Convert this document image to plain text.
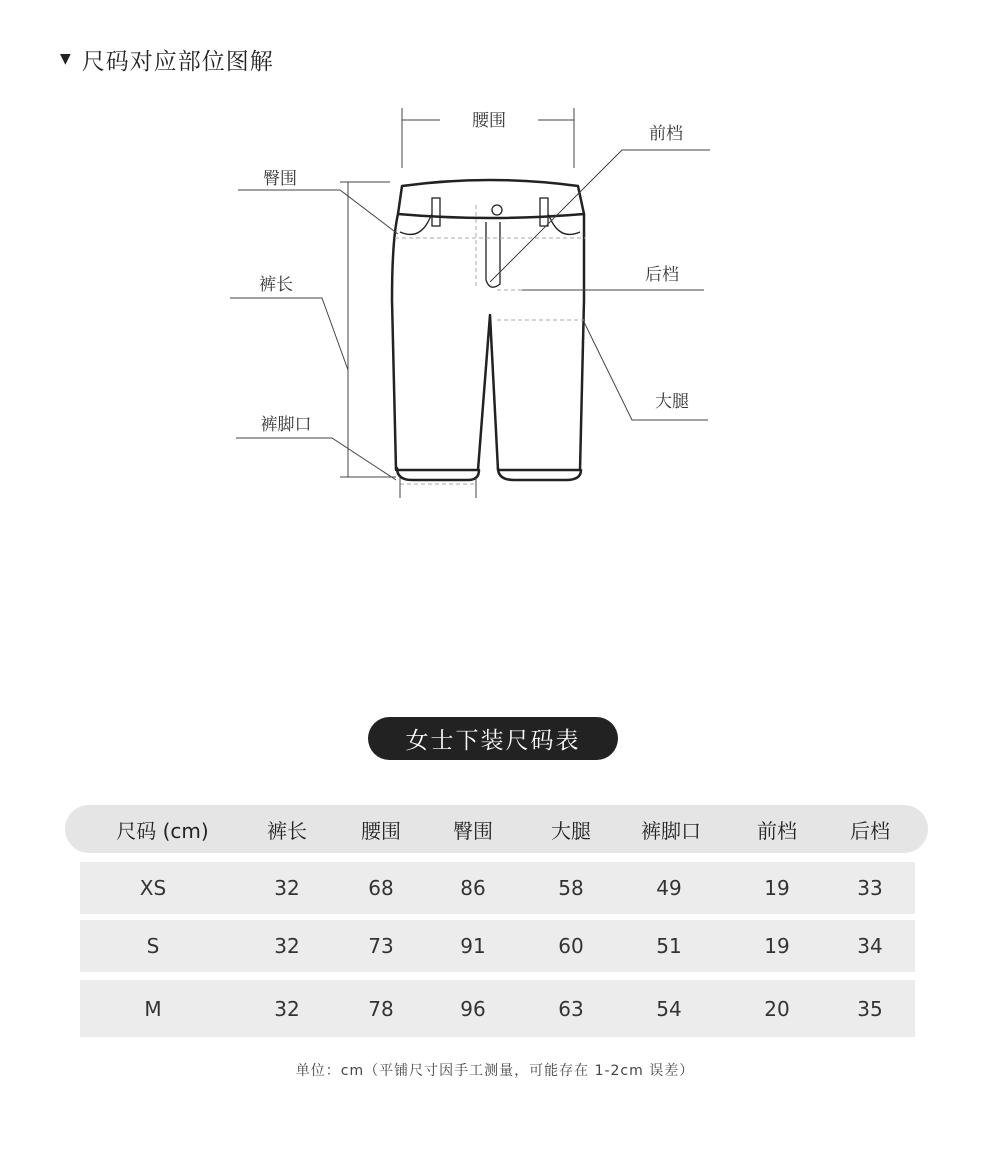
▼ 尺码对应部位图解
腰围
臀围
裤长
裤脚口
前档
后档
大腿
女士下装尺码表
尺码 (cm)	裤长	腰围	臀围	大腿	裤脚口	前档	后档
XS	32	68	86	58	49	19	33
S	32	73	91	60	51	19	34
M	32	78	96	63	54	20	35
单位：cm（平铺尺寸因手工测量，可能存在 1-2cm 误差）
